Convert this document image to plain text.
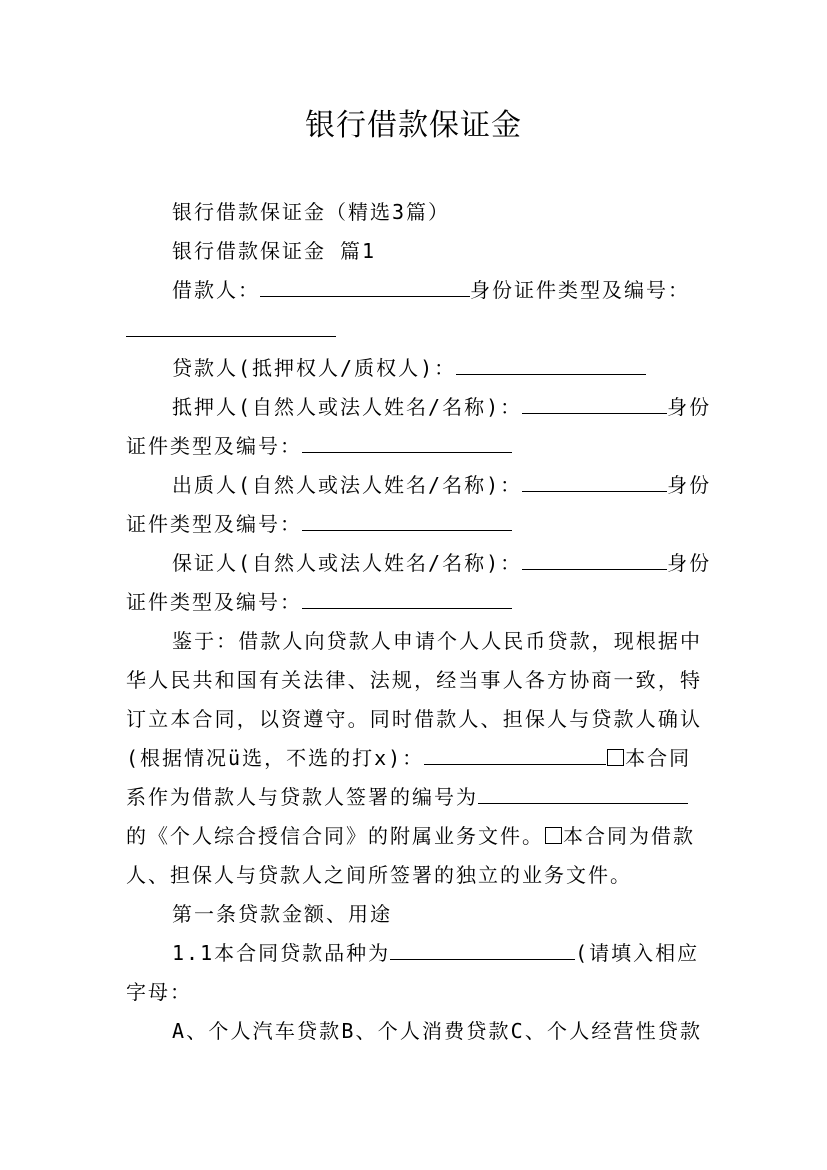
银行借款保证金
银行借款保证金（精选3篇）
银行借款保证金 篇1
借款人：	身份证件类型及编号：
贷款人(抵押权人/质权人)：
抵押人(自然人或法人姓名/名称)：	身份
证件类型及编号：
出质人(自然人或法人姓名/名称)：	身份
证件类型及编号：
保证人(自然人或法人姓名/名称)：	身份
证件类型及编号：
鉴于：借款人向贷款人申请个人人民币贷款，现根据中
华人民共和国有关法律、法规，经当事人各方协商一致，特
订立本合同，以资遵守。同时借款人、担保人与贷款人确认
(根据情况ü选，不选的打x)：	本合同
系作为借款人与贷款人签署的编号为
的《个人综合授信合同》的附属业务文件。 本合同为借款
人、担保人与贷款人之间所签署的独立的业务文件。
第一条贷款金额、用途
1.1本合同贷款品种为	(请填入相应
字母：
A、个人汽车贷款B、个人消费贷款C、个人经营性贷款
